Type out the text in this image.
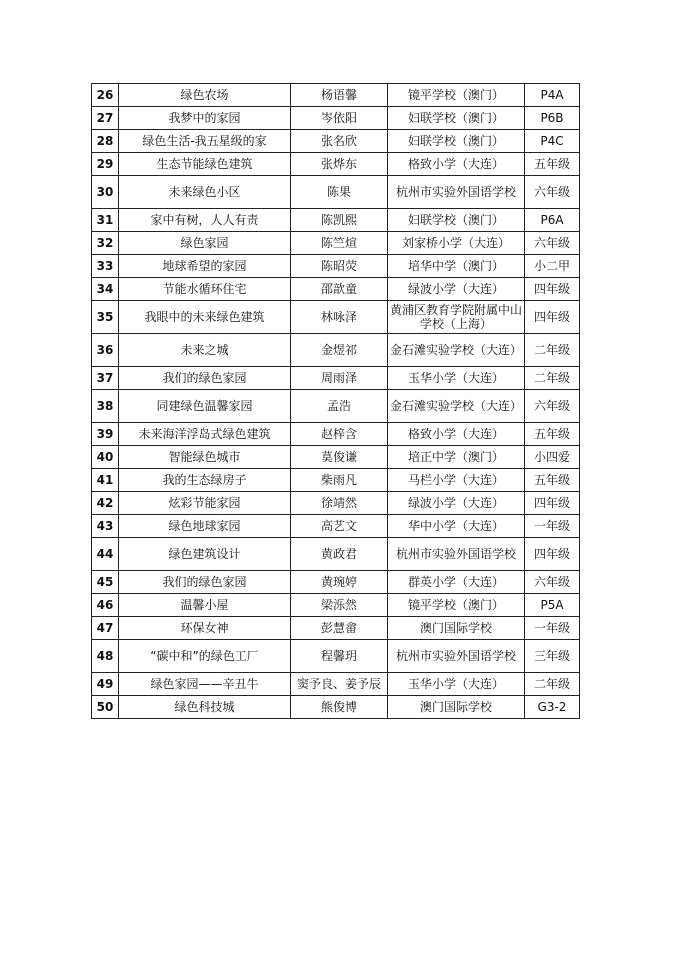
26	绿色农场	杨语馨	镜平学校（澳门）	P4A
27	我梦中的家园	岑依阳	妇联学校（澳门）	P6B
28	绿色生活-我五星级的家	张名欣	妇联学校（澳门）	P4C
29	生态节能绿色建筑	张烨东	格致小学（大连）	五年级
30	未来绿色小区	陈果	杭州市实验外国语学校	六年级
31	家中有树，人人有责	陈凯熙	妇联学校（澳门）	P6A
32	绿色家园	陈竺煊	刘家桥小学（大连）	六年级
33	地球希望的家园	陈昭荧	培华中学（澳门）	小二甲
34	节能水循环住宅	邵歆童	绿波小学（大连）	四年级
35	我眼中的未来绿色建筑	林咏泽	黄浦区教育学院附属中山学校（上海）	四年级
36	未来之城	金煜祁	金石滩实验学校（大连）	二年级
37	我们的绿色家园	周雨泽	玉华小学（大连）	二年级
38	同建绿色温馨家园	孟浩	金石滩实验学校（大连）	六年级
39	未来海洋浮岛式绿色建筑	赵梓含	格致小学（大连）	五年级
40	智能绿色城市	莫俊谦	培正中学（澳门）	小四爱
41	我的生态绿房子	柴雨凡	马栏小学（大连）	五年级
42	炫彩节能家园	徐靖然	绿波小学（大连）	四年级
43	绿色地球家园	高艺文	华中小学（大连）	一年级
44	绿色建筑设计	黄政君	杭州市实验外国语学校	四年级
45	我们的绿色家园	黄琬婷	群英小学（大连）	六年级
46	温馨小屋	梁泺然	镜平学校（澳门）	P5A
47	环保女神	彭慧畲	澳门国际学校	一年级
48	“碳中和”的绿色工厂	程馨玥	杭州市实验外国语学校	三年级
49	绿色家园——辛丑牛	窦予良、姜予辰	玉华小学（大连）	二年级
50	绿色科技城	熊俊博	澳门国际学校	G3-2
